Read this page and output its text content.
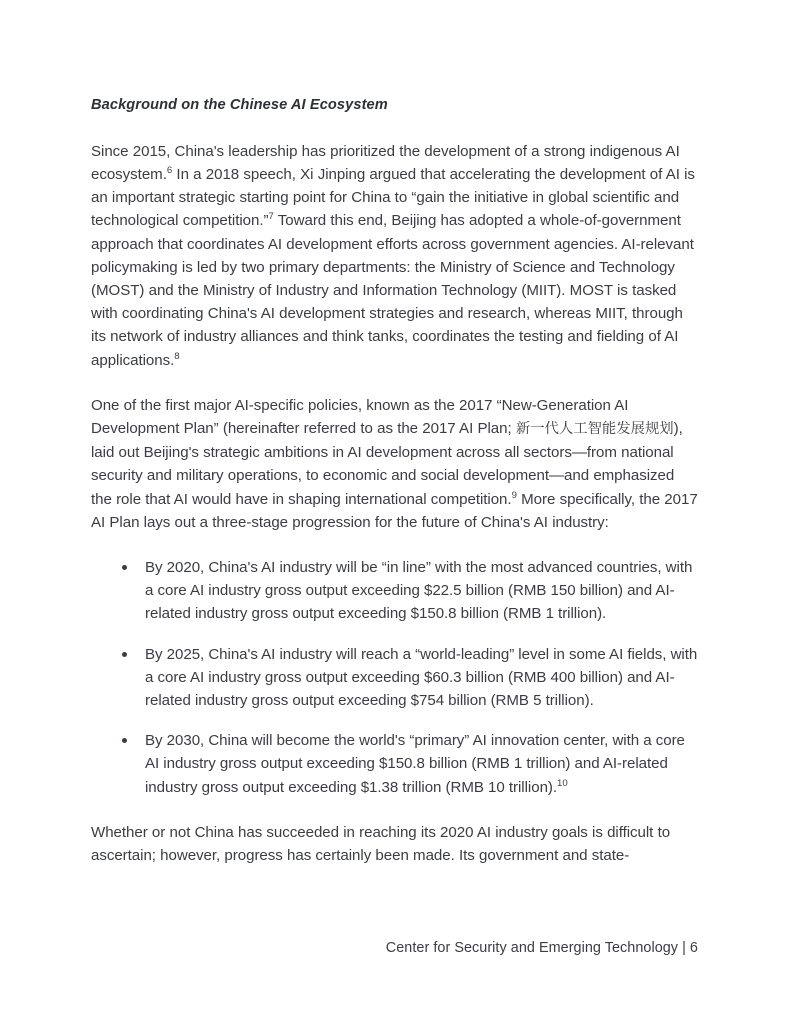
Background on the Chinese AI Ecosystem

Since 2015, China's leadership has prioritized the development of a strong indigenous AI ecosystem.$^6$ In a 2018 speech, Xi Jinping argued that accelerating the development of AI is an important strategic starting point for China to “gain the initiative in global scientific and technological competition.”$^7$ Toward this end, Beijing has adopted a whole-of-government approach that coordinates AI development efforts across government agencies. AI-relevant policymaking is led by two primary departments: the Ministry of Science and Technology (MOST) and the Ministry of Industry and Information Technology (MIIT). MOST is tasked with coordinating China's AI development strategies and research, whereas MIIT, through its network of industry alliances and think tanks, coordinates the testing and fielding of AI applications.$^8$

One of the first major AI-specific policies, known as the 2017 “New-Generation AI Development Plan” (hereinafter referred to as the 2017 AI Plan; 新一代人工智能发展规划), laid out Beijing's strategic ambitions in AI development across all sectors—from national security and military operations, to economic and social development—and emphasized the role that AI would have in shaping international competition.$^9$ More specifically, the 2017 AI Plan lays out a three-stage progression for the future of China's AI industry:

By 2020, China's AI industry will be “in line” with the most advanced countries, with a core AI industry gross output exceeding $22.5 billion (RMB 150 billion) and AI-related industry gross output exceeding $150.8 billion (RMB 1 trillion).
By 2025, China's AI industry will reach a “world-leading” level in some AI fields, with a core AI industry gross output exceeding $60.3 billion (RMB 400 billion) and AI-related industry gross output exceeding $754 billion (RMB 5 trillion).
By 2030, China will become the world's “primary” AI innovation center, with a core AI industry gross output exceeding $150.8 billion (RMB 1 trillion) and AI-related industry gross output exceeding $1.38 trillion (RMB 10 trillion).$^{10}$

Whether or not China has succeeded in reaching its 2020 AI industry goals is difficult to ascertain; however, progress has certainly been made. Its government and state-

Center for Security and Emerging Technology | 6
